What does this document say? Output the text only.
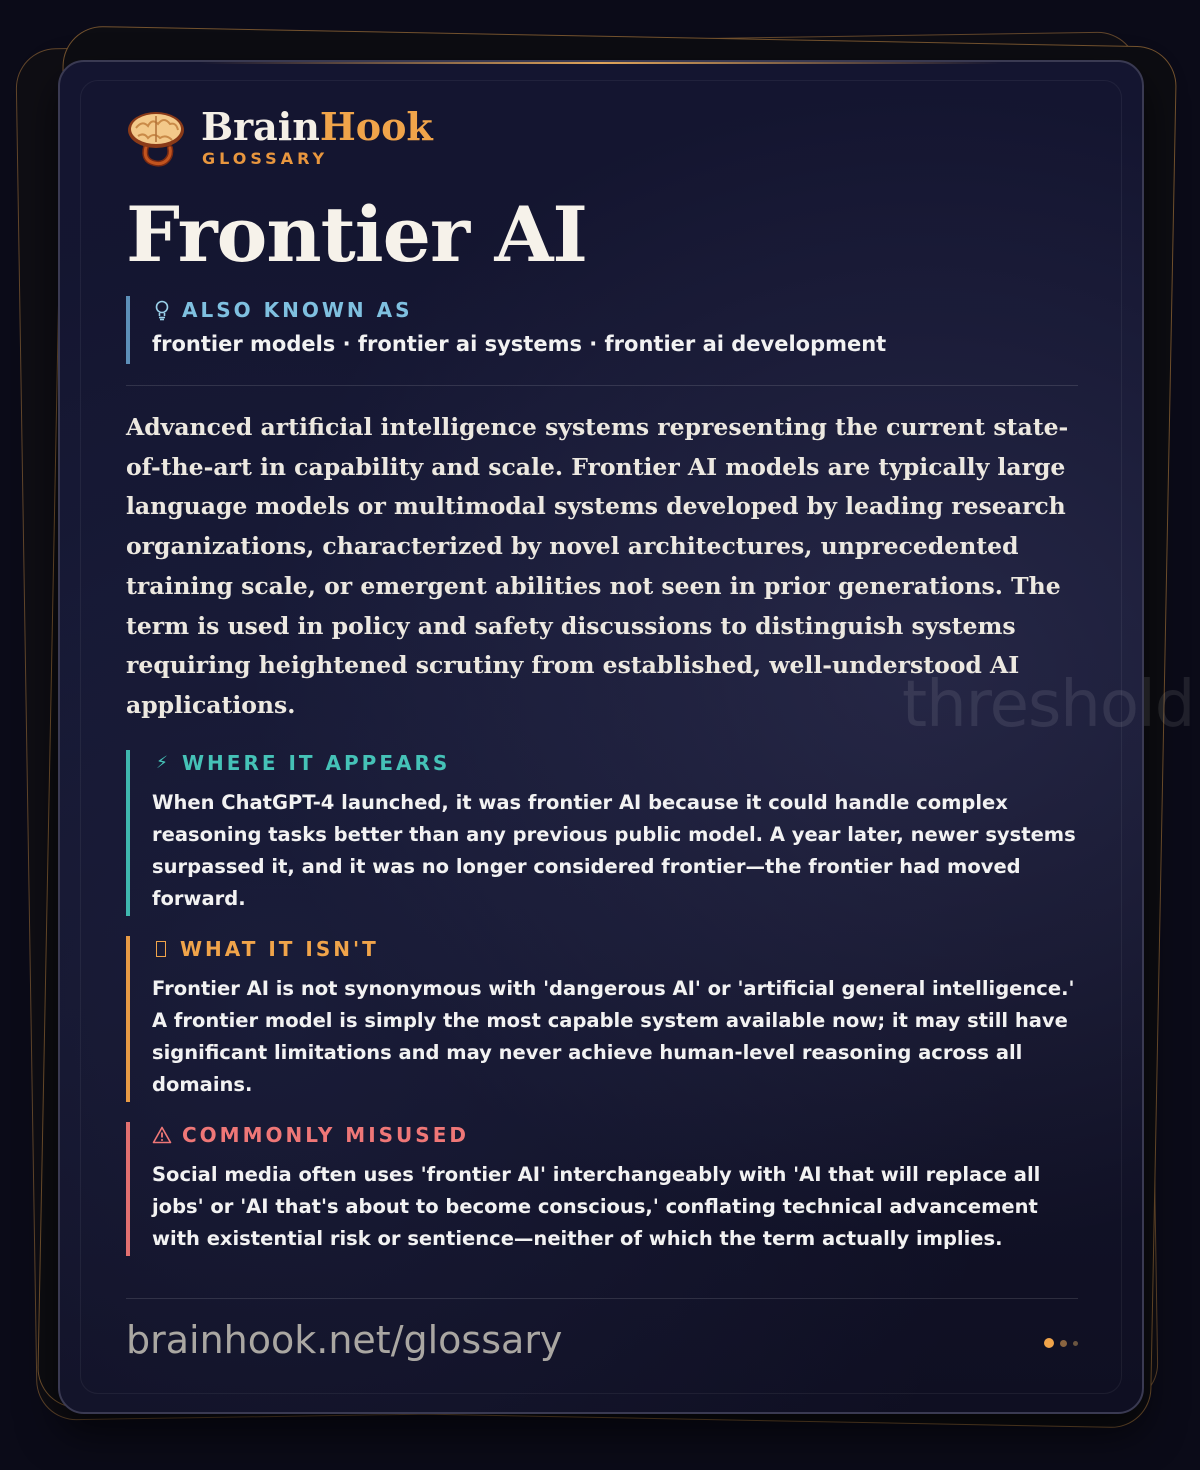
threshold
BrainHook
GLOSSARY
Frontier AI
ALSO KNOWN AS
frontier models · frontier ai systems · frontier ai development

Advanced artificial intelligence systems representing the current state-of-the-art in capability and scale. Frontier AI models are typically large language models or multimodal systems developed by leading research organizations, characterized by novel architectures, unprecedented training scale, or emergent abilities not seen in prior generations. The term is used in policy and safety discussions to distinguish systems requiring heightened scrutiny from established, well-understood AI applications.

⚡ WHERE IT APPEARS
When ChatGPT-4 launched, it was frontier AI because it could handle complex reasoning tasks better than any previous public model. A year later, newer systems surpassed it, and it was no longer considered frontier—the frontier had moved forward.
WHAT IT ISN'T
Frontier AI is not synonymous with 'dangerous AI' or 'artificial general intelligence.' A frontier model is simply the most capable system available now; it may still have significant limitations and may never achieve human-level reasoning across all domains.
COMMONLY MISUSED
Social media often uses 'frontier AI' interchangeably with 'AI that will replace all jobs' or 'AI that's about to become conscious,' conflating technical advancement with existential risk or sentience—neither of which the term actually implies.
brainhook.net/glossary
